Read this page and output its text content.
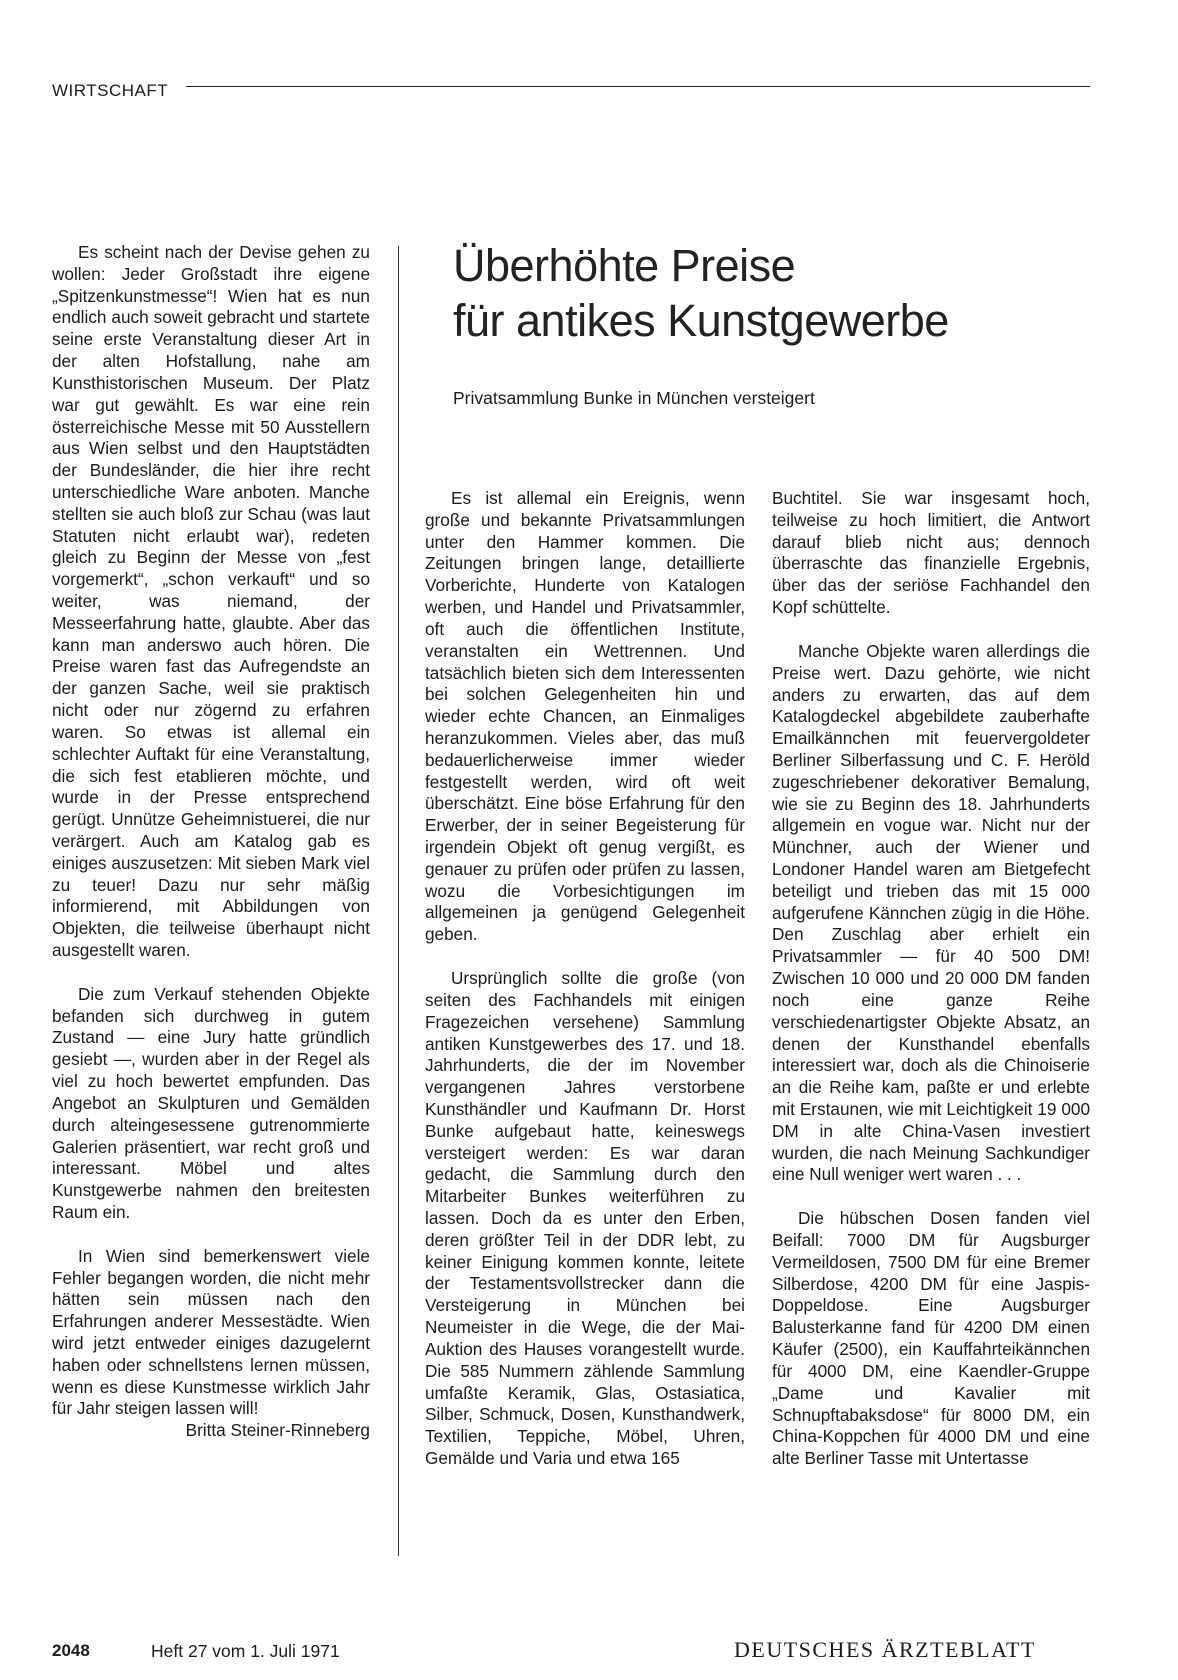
WIRTSCHAFT

Es scheint nach der Devise gehen zu wollen: Jeder Großstadt ihre eigene „Spitzenkunstmesse“! Wien hat es nun endlich auch soweit gebracht und startete seine erste Veranstaltung dieser Art in der alten Hofstallung, nahe am Kunsthistorischen Museum. Der Platz war gut gewählt. Es war eine rein österreichische Messe mit 50 Ausstellern aus Wien selbst und den Hauptstädten der Bundesländer, die hier ihre recht unterschiedliche Ware anboten. Manche stellten sie auch bloß zur Schau (was laut Statuten nicht erlaubt war), redeten gleich zu Beginn der Messe von „fest vorgemerkt“, „schon verkauft“ und so weiter, was niemand, der Messeerfahrung hatte, glaubte. Aber das kann man anderswo auch hören. Die Preise waren fast das Aufregendste an der ganzen Sache, weil sie praktisch nicht oder nur zögernd zu erfahren waren. So etwas ist allemal ein schlechter Auftakt für eine Veranstaltung, die sich fest etablieren möchte, und wurde in der Presse entsprechend gerügt. Unnütze Geheimnistuerei, die nur verärgert. Auch am Katalog gab es einiges auszusetzen: Mit sieben Mark viel zu teuer! Dazu nur sehr mäßig informierend, mit Abbildungen von Objekten, die teilweise überhaupt nicht ausgestellt waren.

Die zum Verkauf stehenden Objekte befanden sich durchweg in gutem Zustand — eine Jury hatte gründlich gesiebt —, wurden aber in der Regel als viel zu hoch bewertet empfunden. Das Angebot an Skulpturen und Gemälden durch alteingesessene gutrenommierte Galerien präsentiert, war recht groß und interessant. Möbel und altes Kunstgewerbe nahmen den breitesten Raum ein.

In Wien sind bemerkenswert viele Fehler begangen worden, die nicht mehr hätten sein müssen nach den Erfahrungen anderer Messestädte. Wien wird jetzt entweder einiges dazugelernt haben oder schnellstens lernen müssen, wenn es diese Kunstmesse wirklich Jahr für Jahr steigen lassen will!
Britta Steiner-Rinneberg

Überhöhte Preise
für antikes Kunstgewerbe

Privatsammlung Bunke in München versteigert

Es ist allemal ein Ereignis, wenn große und bekannte Privatsammlungen unter den Hammer kommen. Die Zeitungen bringen lange, detaillierte Vorberichte, Hunderte von Katalogen werben, und Handel und Privatsammler, oft auch die öffentlichen Institute, veranstalten ein Wettrennen. Und tatsächlich bieten sich dem Interessenten bei solchen Gelegenheiten hin und wieder echte Chancen, an Einmaliges heranzukommen. Vieles aber, das muß bedauerlicherweise immer wieder festgestellt werden, wird oft weit überschätzt. Eine böse Erfahrung für den Erwerber, der in seiner Begeisterung für irgendein Objekt oft genug vergißt, es genauer zu prüfen oder prüfen zu lassen, wozu die Vorbesichtigungen im allgemeinen ja genügend Gelegenheit geben.

Ursprünglich sollte die große (von seiten des Fachhandels mit einigen Fragezeichen versehene) Sammlung antiken Kunstgewerbes des 17. und 18. Jahrhunderts, die der im November vergangenen Jahres verstorbene Kunsthändler und Kaufmann Dr. Horst Bunke aufgebaut hatte, keineswegs versteigert werden: Es war daran gedacht, die Sammlung durch den Mitarbeiter Bunkes weiterführen zu lassen. Doch da es unter den Erben, deren größter Teil in der DDR lebt, zu keiner Einigung kommen konnte, leitete der Testamentsvollstrecker dann die Versteigerung in München bei Neumeister in die Wege, die der Mai-Auktion des Hauses vorangestellt wurde. Die 585 Nummern zählende Sammlung umfaßte Keramik, Glas, Ostasiatica, Silber, Schmuck, Dosen, Kunsthandwerk, Textilien, Teppiche, Möbel, Uhren, Gemälde und Varia und etwa 165

Buchtitel. Sie war insgesamt hoch, teilweise zu hoch limitiert, die Antwort darauf blieb nicht aus; dennoch überraschte das finanzielle Ergebnis, über das der seriöse Fachhandel den Kopf schüttelte.

Manche Objekte waren allerdings die Preise wert. Dazu gehörte, wie nicht anders zu erwarten, das auf dem Katalogdeckel abgebildete zauberhafte Emailkännchen mit feuervergoldeter Berliner Silberfassung und C. F. Heröld zugeschriebener dekorativer Bemalung, wie sie zu Beginn des 18. Jahrhunderts allgemein en vogue war. Nicht nur der Münchner, auch der Wiener und Londoner Handel waren am Bietgefecht beteiligt und trieben das mit 15 000 aufgerufene Kännchen zügig in die Höhe. Den Zuschlag aber erhielt ein Privatsammler — für 40 500 DM! Zwischen 10 000 und 20 000 DM fanden noch eine ganze Reihe verschiedenartigster Objekte Absatz, an denen der Kunsthandel ebenfalls interessiert war, doch als die Chinoiserie an die Reihe kam, paßte er und erlebte mit Erstaunen, wie mit Leichtigkeit 19 000 DM in alte China-Vasen investiert wurden, die nach Meinung Sachkundiger eine Null weniger wert waren . . .

Die hübschen Dosen fanden viel Beifall: 7000 DM für Augsburger Vermeildosen, 7500 DM für eine Bremer Silberdose, 4200 DM für eine Jaspis-Doppeldose. Eine Augsburger Balusterkanne fand für 4200 DM einen Käufer (2500), ein Kauffahrteikännchen für 4000 DM, eine Kaendler-Gruppe „Dame und Kavalier mit Schnupftabaksdose“ für 8000 DM, ein China-Koppchen für 4000 DM und eine alte Berliner Tasse mit Untertasse

2048	Heft 27 vom 1. Juli 1971	DEUTSCHES ÄRZTEBLATT
